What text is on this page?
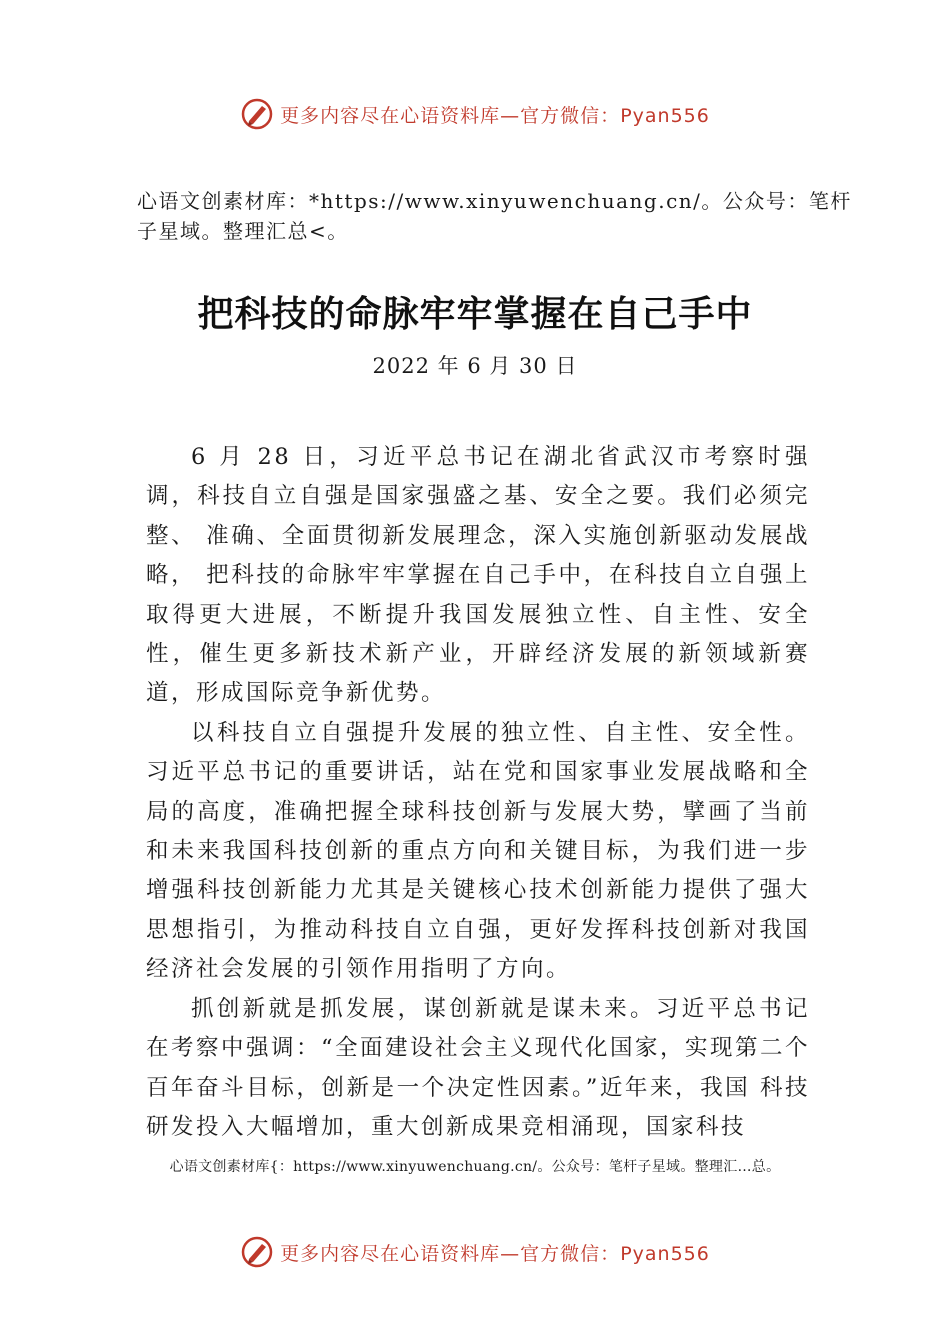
更多内容尽在心语资料库—官方微信：Pyan556
心语文创素材库：*https://www.xinyuwenchuang.cn/。公众号：笔杆子星域。整理汇总<。
把科技的命脉牢牢掌握在自己手中
2022 年 6 月 30 日

6 月 28 日，习近平总书记在湖北省武汉市考察时强调，科技自立自强是国家强盛之基、安全之要。我们必须完整、 准确、全面贯彻新发展理念，深入实施创新驱动发展战略， 把科技的命脉牢牢掌握在自己手中，在科技自立自强上取得更大进展，不断提升我国发展独立性、自主性、安全性，催生更多新技术新产业，开辟经济发展的新领域新赛道，形成国际竞争新优势。

以科技自立自强提升发展的独立性、自主性、安全性。习近平总书记的重要讲话，站在党和国家事业发展战略和全局的高度，准确把握全球科技创新与发展大势，擘画了当前和未来我国科技创新的重点方向和关键目标，为我们进一步增强科技创新能力尤其是关键核心技术创新能力提供了强大思想指引，为推动科技自立自强，更好发挥科技创新对我国经济社会发展的引领作用指明了方向。

抓创新就是抓发展，谋创新就是谋未来。习近平总书记在考察中强调：“全面建设社会主义现代化国家，实现第二个百年奋斗目标，创新是一个决定性因素。”近年来，我国 科技研发投入大幅增加，重大创新成果竞相涌现，国家科技

心语文创素材库{：https://www.xinyuwenchuang.cn/。公众号：笔杆子星域。整理汇…总。
更多内容尽在心语资料库—官方微信：Pyan556
